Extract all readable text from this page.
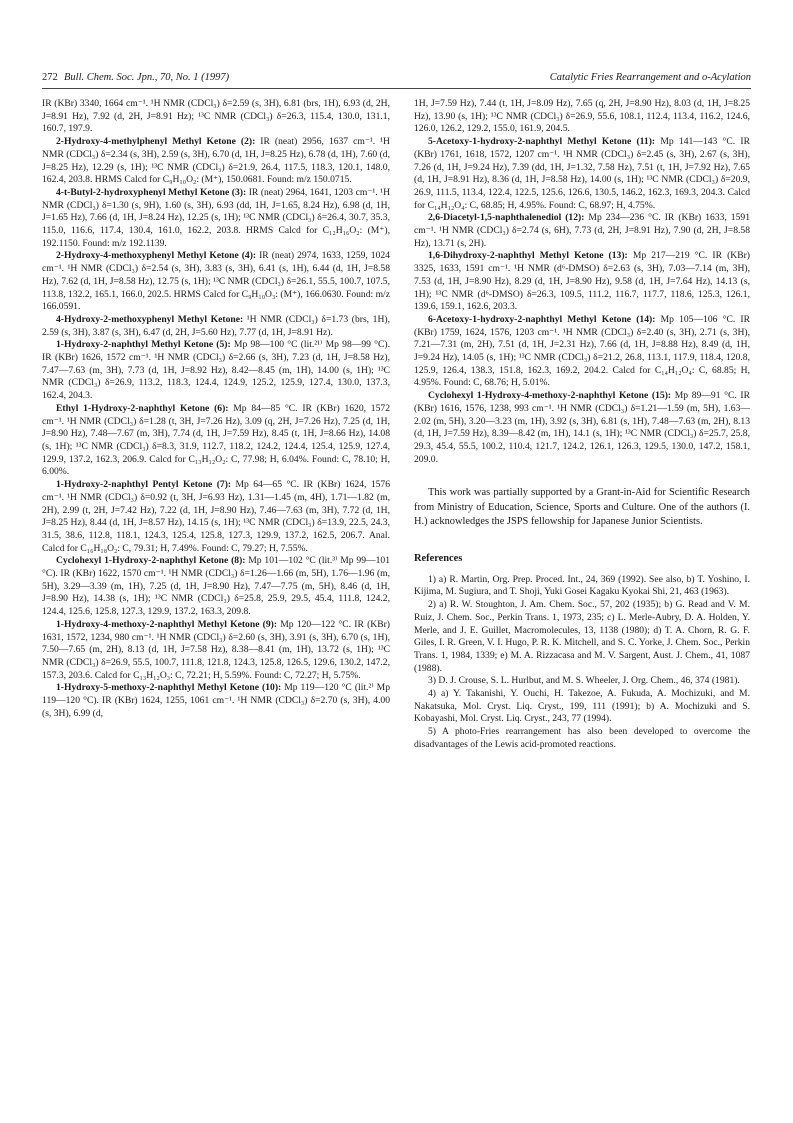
272 Bull. Chem. Soc. Jpn., 70, No. 1 (1997)	Catalytic Fries Rearrangement and o-Acylation

IR (KBr) 3340, 1664 cm⁻¹. ¹H NMR (CDCl₃) δ=2.59 (s, 3H), 6.81 (brs, 1H), 6.93 (d, 2H, J=8.91 Hz), 7.92 (d, 2H, J=8.91 Hz); ¹³C NMR (CDCl₃) δ=26.3, 115.4, 130.0, 131.1, 160.7, 197.9.

2-Hydroxy-4-methylphenyl Methyl Ketone (2): IR (neat) 2956, 1637 cm⁻¹. ¹H NMR (CDCl₃) δ=2.34 (s, 3H), 2.59 (s, 3H), 6.70 (d, 1H, J=8.25 Hz), 6.78 (d, 1H), 7.60 (d, J=8.25 Hz), 12.29 (s, 1H); ¹³C NMR (CDCl₃) δ=21.9, 26.4, 117.5, 118.3, 120.1, 148.0, 162.4, 203.8. HRMS Calcd for C₉H₁₀O₂: (M⁺), 150.0681. Found: m/z 150.0715.

4-t-Butyl-2-hydroxyphenyl Methyl Ketone (3): IR (neat) 2964, 1641, 1203 cm⁻¹. ¹H NMR (CDCl₃) δ=1.30 (s, 9H), 1.60 (s, 3H), 6.93 (dd, 1H, J=1.65, 8.24 Hz), 6.98 (d, 1H, J=1.65 Hz), 7.66 (d, 1H, J=8.24 Hz), 12.25 (s, 1H); ¹³C NMR (CDCl₃) δ=26.4, 30.7, 35.3, 115.0, 116.6, 117.4, 130.4, 161.0, 162.2, 203.8. HRMS Calcd for C₁₂H₁₆O₂: (M⁺), 192.1150. Found: m/z 192.1139.

2-Hydroxy-4-methoxyphenyl Methyl Ketone (4): IR (neat) 2974, 1633, 1259, 1024 cm⁻¹. ¹H NMR (CDCl₃) δ=2.54 (s, 3H), 3.83 (s, 3H), 6.41 (s, 1H), 6.44 (d, 1H, J=8.58 Hz), 7.62 (d, 1H, J=8.58 Hz), 12.75 (s, 1H); ¹³C NMR (CDCl₃) δ=26.1, 55.5, 100.7, 107.5, 113.8, 132.2, 165.1, 166.0, 202.5. HRMS Calcd for C₉H₁₀O₃: (M⁺), 166.0630. Found: m/z 166.0591.

4-Hydroxy-2-methoxyphenyl Methyl Ketone: ¹H NMR (CDCl₃) δ=1.73 (brs, 1H), 2.59 (s, 3H), 3.87 (s, 3H), 6.47 (d, 2H, J=5.60 Hz), 7.77 (d, 1H, J=8.91 Hz).

1-Hydroxy-2-naphthyl Methyl Ketone (5): Mp 98—100 °C (lit.²¹⁾ Mp 98—99 °C). IR (KBr) 1626, 1572 cm⁻¹. ¹H NMR (CDCl₃) δ=2.66 (s, 3H), 7.23 (d, 1H, J=8.58 Hz), 7.47—7.63 (m, 3H), 7.73 (d, 1H, J=8.92 Hz), 8.42—8.45 (m, 1H), 14.00 (s, 1H); ¹³C NMR (CDCl₃) δ=26.9, 113.2, 118.3, 124.4, 124.9, 125.2, 125.9, 127.4, 130.0, 137.3, 162.4, 204.3.

Ethyl 1-Hydroxy-2-naphthyl Ketone (6): Mp 84—85 °C. IR (KBr) 1620, 1572 cm⁻¹. ¹H NMR (CDCl₃) δ=1.28 (t, 3H, J=7.26 Hz), 3.09 (q, 2H, J=7.26 Hz), 7.25 (d, 1H, J=8.90 Hz), 7.48—7.67 (m, 3H), 7.74 (d, 1H, J=7.59 Hz), 8.45 (t, 1H, J=8.66 Hz), 14.08 (s, 1H); ¹³C NMR (CDCl₃) δ=8.3, 31.9, 112.7, 118.2, 124.2, 124.4, 125.4, 125.9, 127.4, 129.9, 137.2, 162.3, 206.9. Calcd for C₁₃H₁₂O₂: C, 77.98; H, 6.04%. Found: C, 78.10; H, 6.00%.

1-Hydroxy-2-naphthyl Pentyl Ketone (7): Mp 64—65 °C. IR (KBr) 1624, 1576 cm⁻¹. ¹H NMR (CDCl₃) δ=0.92 (t, 3H, J=6.93 Hz), 1.31—1.45 (m, 4H), 1.71—1.82 (m, 2H), 2.99 (t, 2H, J=7.42 Hz), 7.22 (d, 1H, J=8.90 Hz), 7.46—7.63 (m, 3H), 7.72 (d, 1H, J=8.25 Hz), 8.44 (d, 1H, J=8.57 Hz), 14.15 (s, 1H); ¹³C NMR (CDCl₃) δ=13.9, 22.5, 24.3, 31.5, 38.6, 112.8, 118.1, 124.3, 125.4, 125.8, 127.3, 129.9, 137.2, 162.5, 206.7. Anal. Calcd for C₁₆H₁₈O₂: C, 79.31; H, 7.49%. Found: C, 79.27; H, 7.55%.

Cyclohexyl 1-Hydroxy-2-naphthyl Ketone (8): Mp 101—102 °C (lit.³⁾ Mp 99—101 °C). IR (KBr) 1622, 1570 cm⁻¹. ¹H NMR (CDCl₃) δ=1.26—1.66 (m, 5H), 1.76—1.96 (m, 5H), 3.29—3.39 (m, 1H), 7.25 (d, 1H, J=8.90 Hz), 7.47—7.75 (m, 5H), 8.46 (d, 1H, J=8.90 Hz), 14.38 (s, 1H); ¹³C NMR (CDCl₃) δ=25.8, 25.9, 29.5, 45.4, 111.8, 124.2, 124.4, 125.6, 125.8, 127.3, 129.9, 137.2, 163.3, 209.8.

1-Hydroxy-4-methoxy-2-naphthyl Methyl Ketone (9): Mp 120—122 °C. IR (KBr) 1631, 1572, 1234, 980 cm⁻¹. ¹H NMR (CDCl₃) δ=2.60 (s, 3H), 3.91 (s, 3H), 6.70 (s, 1H), 7.50—7.65 (m, 2H), 8.13 (d, 1H, J=7.58 Hz), 8.38—8.41 (m, 1H), 13.72 (s, 1H); ¹³C NMR (CDCl₃) δ=26.9, 55.5, 100.7, 111.8, 121.8, 124.3, 125.8, 126.5, 129.6, 130.2, 147.2, 157.3, 203.6. Calcd for C₁₃H₁₂O₃: C, 72.21; H, 5.59%. Found: C, 72.27; H, 5.75%.

1-Hydroxy-5-methoxy-2-naphthyl Methyl Ketone (10): Mp 119—120 °C (lit.²⁾ Mp 119—120 °C). IR (KBr) 1624, 1255, 1061 cm⁻¹. ¹H NMR (CDCl₃) δ=2.70 (s, 3H), 4.00 (s, 3H), 6.99 (d,

1H, J=7.59 Hz), 7.44 (t, 1H, J=8.09 Hz), 7.65 (q, 2H, J=8.90 Hz), 8.03 (d, 1H, J=8.25 Hz), 13.90 (s, 1H); ¹³C NMR (CDCl₃) δ=26.9, 55.6, 108.1, 112.4, 113.4, 116.2, 124.6, 126.0, 126.2, 129.2, 155.0, 161.9, 204.5.

5-Acetoxy-1-hydroxy-2-naphthyl Methyl Ketone (11): Mp 141—143 °C. IR (KBr) 1761, 1618, 1572, 1207 cm⁻¹. ¹H NMR (CDCl₃) δ=2.45 (s, 3H), 2.67 (s, 3H), 7.26 (d, 1H, J=9.24 Hz), 7.39 (dd, 1H, J=1.32, 7.58 Hz), 7.51 (t, 1H, J=7.92 Hz), 7.65 (d, 1H, J=8.91 Hz), 8.36 (d, 1H, J=8.58 Hz), 14.00 (s, 1H); ¹³C NMR (CDCl₃) δ=20.9, 26.9, 111.5, 113.4, 122.4, 122.5, 125.6, 126.6, 130.5, 146.2, 162.3, 169.3, 204.3. Calcd for C₁₄H₁₂O₄: C, 68.85; H, 4.95%. Found: C, 68.97; H, 4.75%.

2,6-Diacetyl-1,5-naphthalenediol (12): Mp 234—236 °C. IR (KBr) 1633, 1591 cm⁻¹. ¹H NMR (CDCl₃) δ=2.74 (s, 6H), 7.73 (d, 2H, J=8.91 Hz), 7.90 (d, 2H, J=8.58 Hz), 13.71 (s, 2H).

1,6-Dihydroxy-2-naphthyl Methyl Ketone (13): Mp 217—219 °C. IR (KBr) 3325, 1633, 1591 cm⁻¹. ¹H NMR (d⁶-DMSO) δ=2.63 (s, 3H), 7.03—7.14 (m, 3H), 7.53 (d, 1H, J=8.90 Hz), 8.29 (d, 1H, J=8.90 Hz), 9.58 (d, 1H, J=7.64 Hz), 14.13 (s, 1H); ¹³C NMR (d⁶-DMSO) δ=26.3, 109.5, 111.2, 116.7, 117.7, 118.6, 125.3, 126.1, 139.6, 159.1, 162.6, 203.3.

6-Acetoxy-1-hydroxy-2-naphthyl Methyl Ketone (14): Mp 105—106 °C. IR (KBr) 1759, 1624, 1576, 1203 cm⁻¹. ¹H NMR (CDCl₃) δ=2.40 (s, 3H), 2.71 (s, 3H), 7.21—7.31 (m, 2H), 7.51 (d, 1H, J=2.31 Hz), 7.66 (d, 1H, J=8.88 Hz), 8.49 (d, 1H, J=9.24 Hz), 14.05 (s, 1H); ¹³C NMR (CDCl₃) δ=21.2, 26.8, 113.1, 117.9, 118.4, 120.8, 125.9, 126.4, 138.3, 151.8, 162.3, 169.2, 204.2. Calcd for C₁₄H₁₂O₄: C, 68.85; H, 4.95%. Found: C, 68.76; H, 5.01%.

Cyclohexyl 1-Hydroxy-4-methoxy-2-naphthyl Ketone (15): Mp 89—91 °C. IR (KBr) 1616, 1576, 1238, 993 cm⁻¹. ¹H NMR (CDCl₃) δ=1.21—1.59 (m, 5H), 1.63—2.02 (m, 5H), 3.20—3.23 (m, 1H), 3.92 (s, 3H), 6.81 (s, 1H), 7.48—7.63 (m, 2H), 8.13 (d, 1H, J=7.59 Hz), 8.39—8.42 (m, 1H), 14.1 (s, 1H); ¹³C NMR (CDCl₃) δ=25.7, 25.8, 29.3, 45.4, 55.5, 100.2, 110.4, 121.7, 124.2, 126.1, 126.3, 129.5, 130.0, 147.2, 158.1, 209.0.

This work was partially supported by a Grant-in-Aid for Scientific Research from Ministry of Education, Science, Sports and Culture. One of the authors (I. H.) acknowledges the JSPS fellowship for Japanese Junior Scientists.

References

1) a) R. Martin, Org. Prep. Proced. Int., 24, 369 (1992). See also, b) T. Yoshino, I. Kijima, M. Sugiura, and T. Shoji, Yuki Gosei Kagaku Kyokai Shi, 21, 463 (1963).

2) a) R. W. Stoughton, J. Am. Chem. Soc., 57, 202 (1935); b) G. Read and V. M. Ruiz, J. Chem. Soc., Perkin Trans. 1, 1973, 235; c) L. Merle-Aubry, D. A. Holden, Y. Merle, and J. E. Guillet, Macromolecules, 13, 1138 (1980); d) T. A. Chorn, R. G. F. Giles, I. R. Green, V. I. Hugo, P. R. K. Mitchell, and S. C. Yorke, J. Chem. Soc., Perkin Trans. 1, 1984, 1339; e) M. A. Rizzacasa and M. V. Sargent, Aust. J. Chem., 41, 1087 (1988).

3) D. J. Crouse, S. L. Hurlbut, and M. S. Wheeler, J. Org. Chem., 46, 374 (1981).

4) a) Y. Takanishi, Y. Ouchi, H. Takezoe, A. Fukuda, A. Mochizuki, and M. Nakatsuka, Mol. Cryst. Liq. Cryst., 199, 111 (1991); b) A. Mochizuki and S. Kobayashi, Mol. Cryst. Liq. Cryst., 243, 77 (1994).

5) A photo-Fries rearrangement has also been developed to overcome the disadvantages of the Lewis acid-promoted reactions.
